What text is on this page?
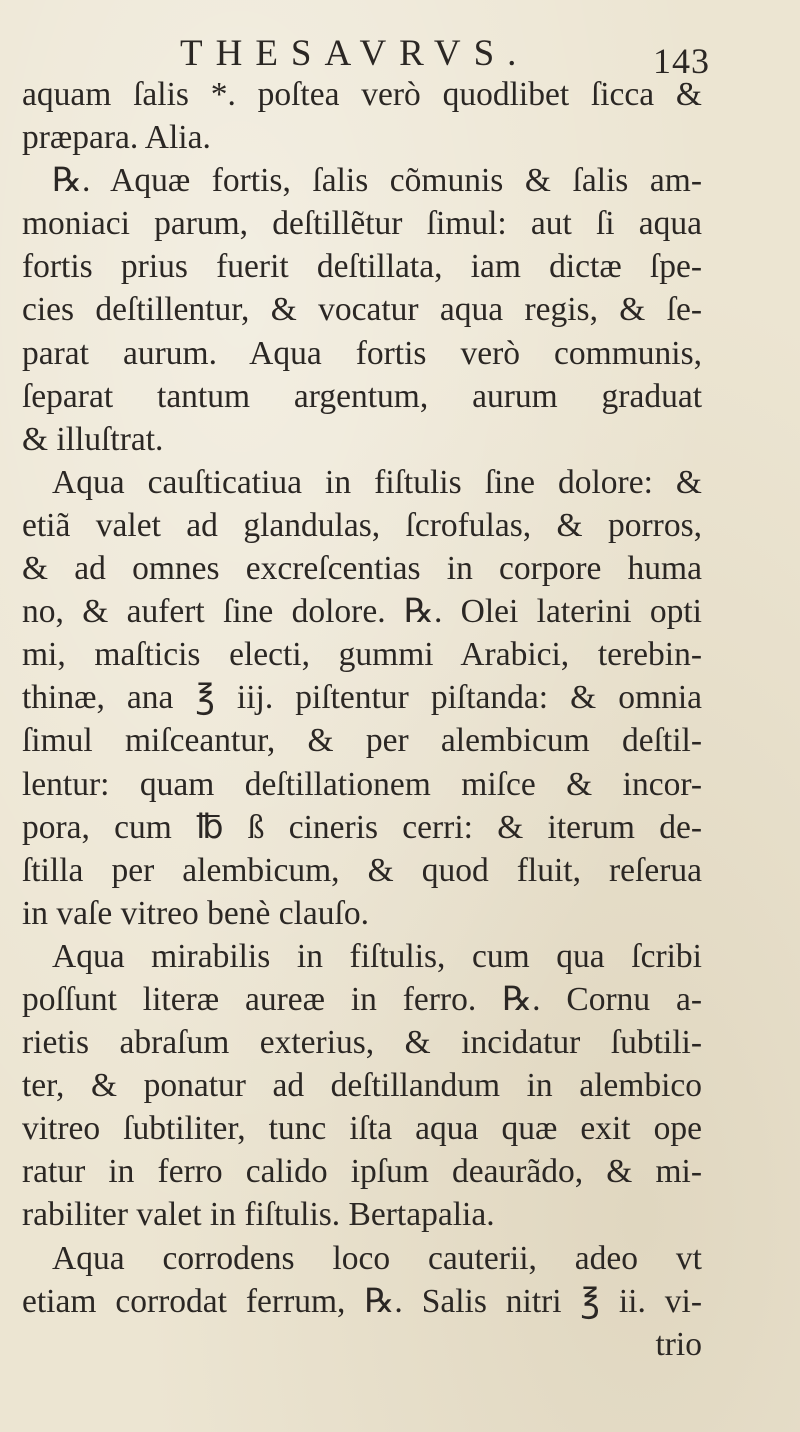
THESAVRVS.	143
aquam ſalis *. poſtea verò quodlibet ſicca &
præpara. Alia.
℞. Aquæ fortis, ſalis cõmunis & ſalis am-
moniaci parum, deſtillẽtur ſimul: aut ſi aqua
fortis prius fuerit deſtillata, iam dictæ ſpe-
cies deſtillentur, & vocatur aqua regis, & ſe-
parat aurum. Aqua fortis verò communis,
ſeparat tantum argentum, aurum graduat
& illuſtrat.
Aqua cauſticatiua in fiſtulis ſine dolore: &
etiã valet ad glandulas, ſcrofulas, & porros,
& ad omnes excreſcentias in corpore huma
no, & aufert ſine dolore. ℞. Olei laterini opti
mi, maſticis electi, gummi Arabici, terebin-
thinæ, ana ℥ iij. piſtentur piſtanda: & omnia
ſimul miſceantur, & per alembicum deſtil-
lentur: quam deſtillationem miſce & incor-
pora, cum ℔ ß cineris cerri: & iterum de-
ſtilla per alembicum, & quod fluit, reſerua
in vaſe vitreo benè clauſo.
Aqua mirabilis in fiſtulis, cum qua ſcribi
poſſunt literæ aureæ in ferro. ℞. Cornu a-
rietis abraſum exterius, & incidatur ſubtili-
ter, & ponatur ad deſtillandum in alembico
vitreo ſubtiliter, tunc iſta aqua quæ exit ope
ratur in ferro calido ipſum deaurãdo, & mi-
rabiliter valet in fiſtulis. Bertapalia.
Aqua corrodens loco cauterii, adeo vt
etiam corrodat ferrum, ℞. Salis nitri ℥ ii. vi-
trio
